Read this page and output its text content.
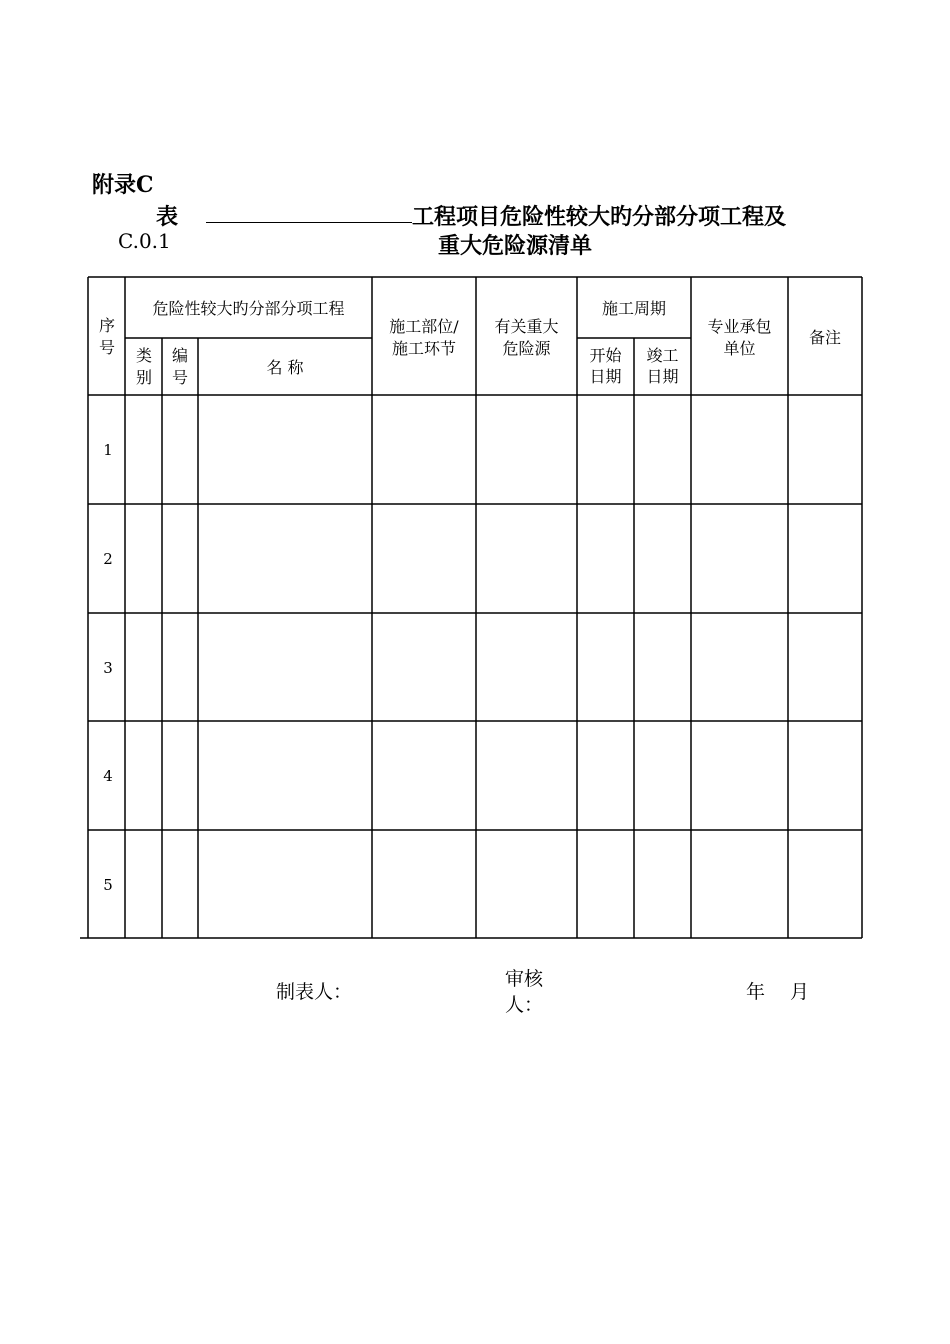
附录C
表
C.0.1
工程项目危险性较大旳分部分项工程及
重大危险源清单
序号
危险性较大旳分部分项工程
类别
编号
名 称
施工部位/
施工环节
有关重大
危险源
施工周期
开始日期
竣工日期
专业承包
单位
备注
1
2
3
4
5
制表人：
审核
人：
年 月
